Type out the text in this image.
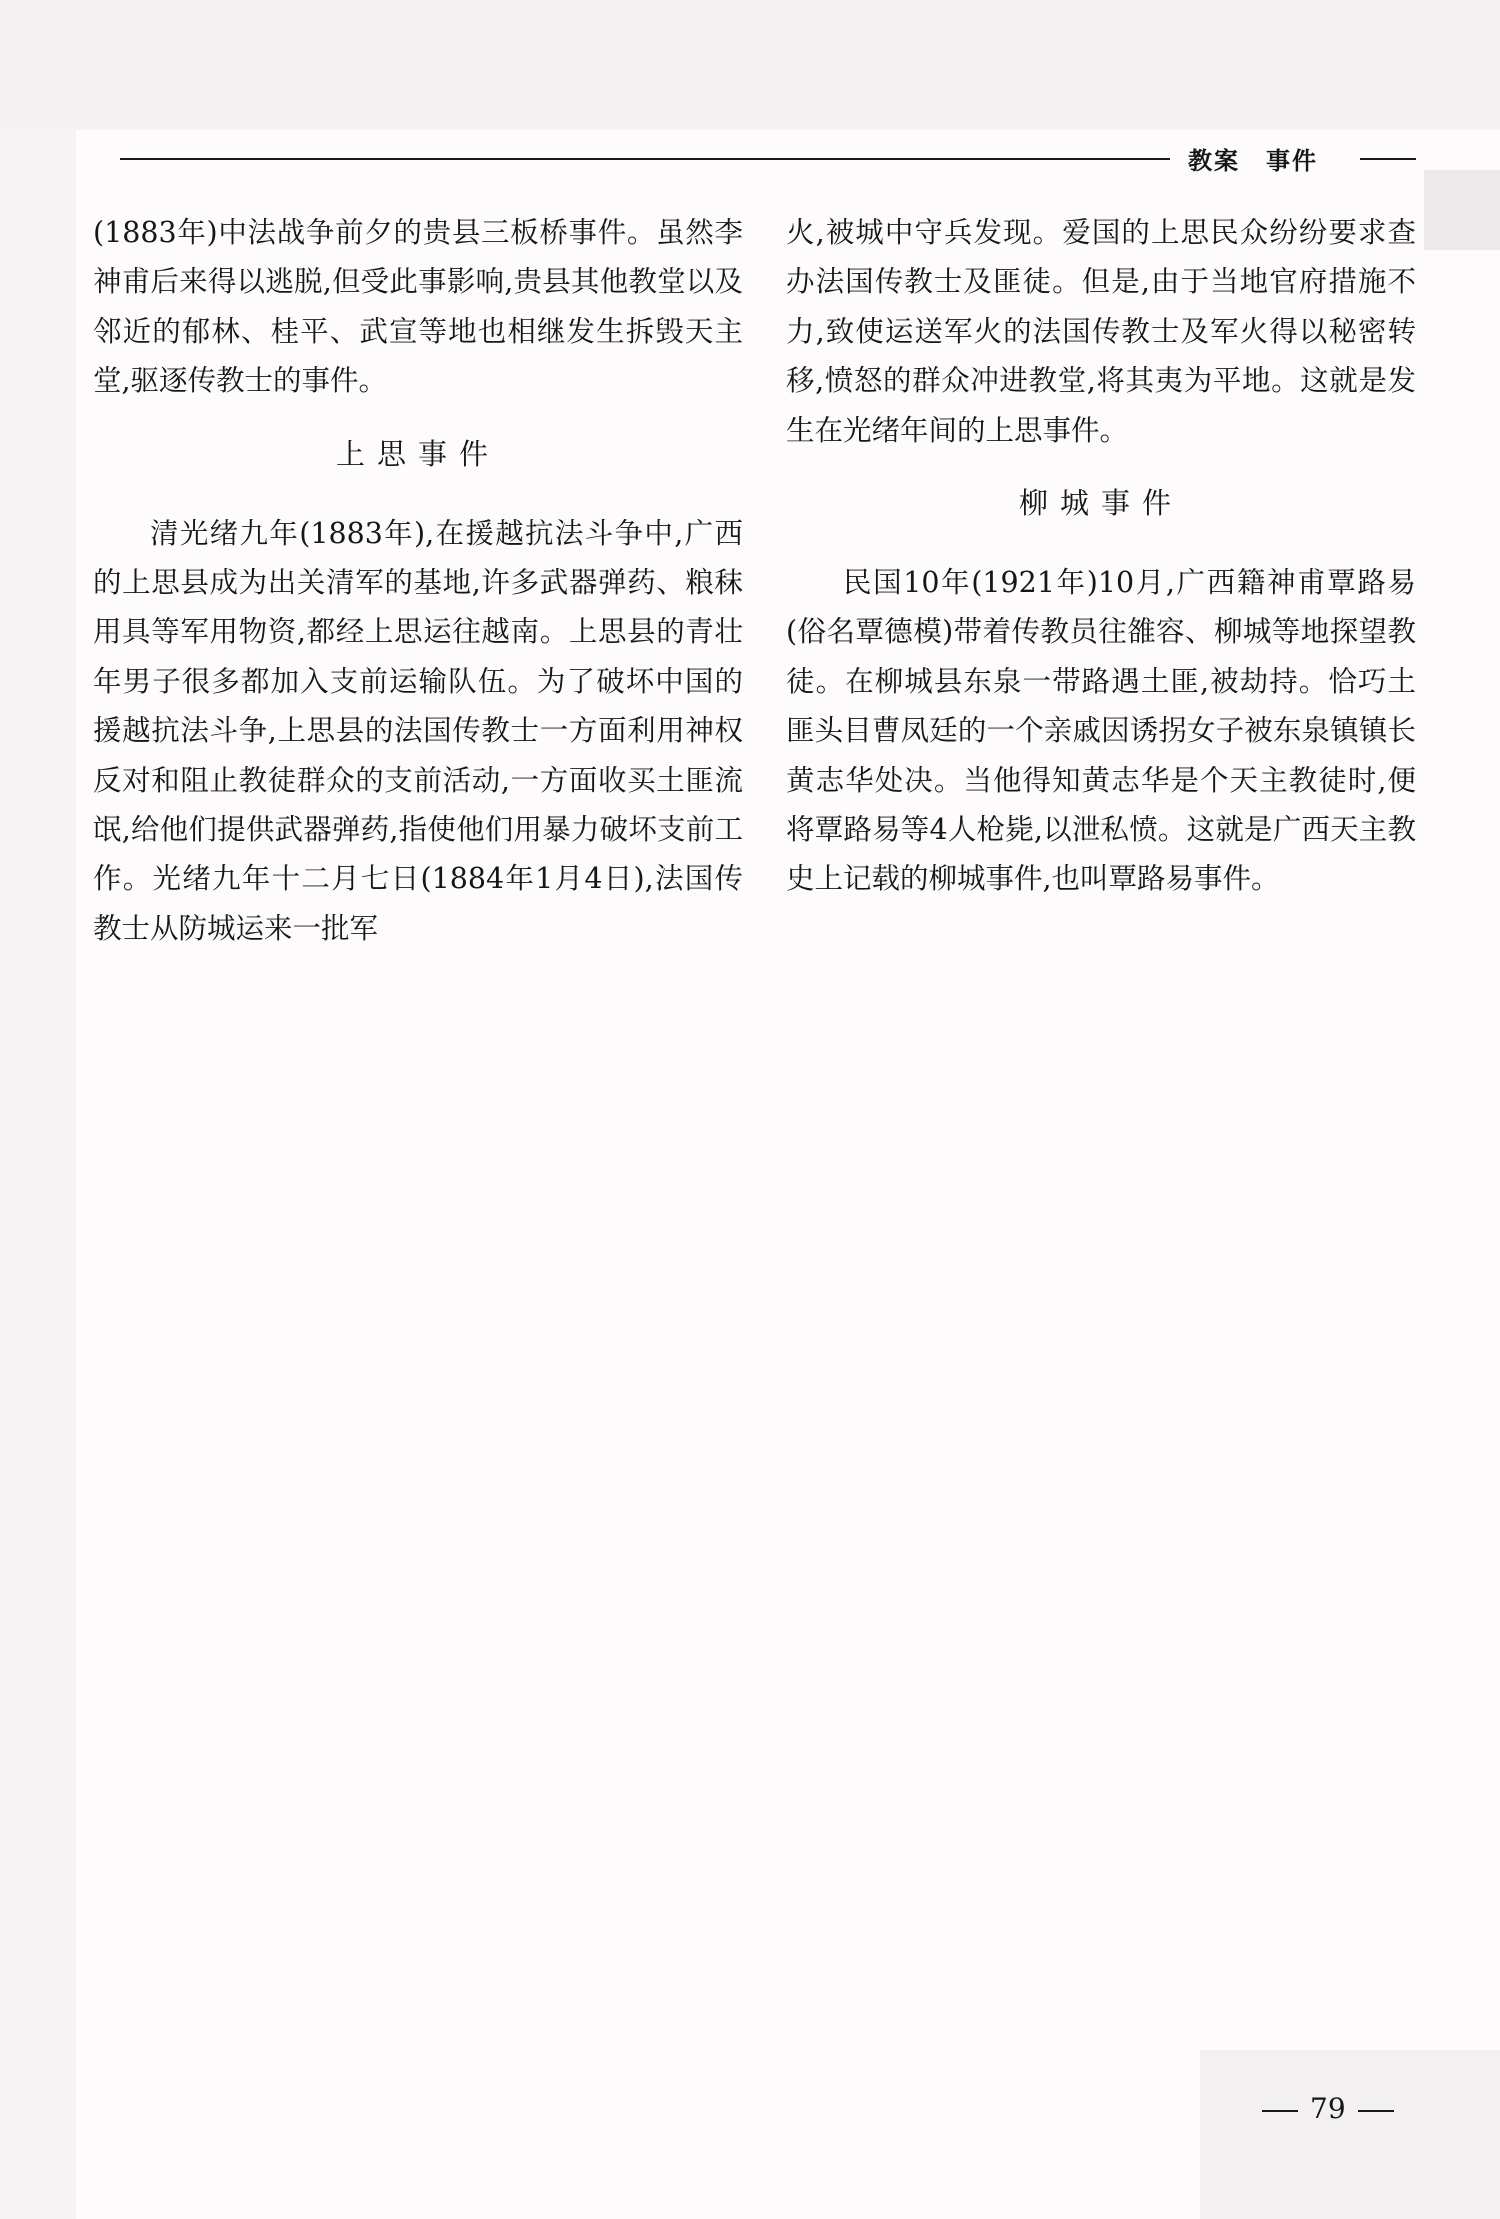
教案 事件

(1883年)中法战争前夕的贵县三板桥事件。虽然李神甫后来得以逃脱,但受此事影响,贵县其他教堂以及邻近的郁林、桂平、武宣等地也相继发生拆毁天主堂,驱逐传教士的事件。

上思事件

清光绪九年(1883年),在援越抗法斗争中,广西的上思县成为出关清军的基地,许多武器弹药、粮秣用具等军用物资,都经上思运往越南。上思县的青壮年男子很多都加入支前运输队伍。为了破坏中国的援越抗法斗争,上思县的法国传教士一方面利用神权反对和阻止教徒群众的支前活动,一方面收买土匪流氓,给他们提供武器弹药,指使他们用暴力破坏支前工作。光绪九年十二月七日(1884年1月4日),法国传教士从防城运来一批军

火,被城中守兵发现。爱国的上思民众纷纷要求查办法国传教士及匪徒。但是,由于当地官府措施不力,致使运送军火的法国传教士及军火得以秘密转移,愤怒的群众冲进教堂,将其夷为平地。这就是发生在光绪年间的上思事件。

柳城事件

民国10年(1921年)10月,广西籍神甫覃路易(俗名覃德模)带着传教员往雒容、柳城等地探望教徒。在柳城县东泉一带路遇土匪,被劫持。恰巧土匪头目曹凤廷的一个亲戚因诱拐女子被东泉镇镇长黄志华处决。当他得知黄志华是个天主教徒时,便将覃路易等4人枪毙,以泄私愤。这就是广西天主教史上记载的柳城事件,也叫覃路易事件。

79
